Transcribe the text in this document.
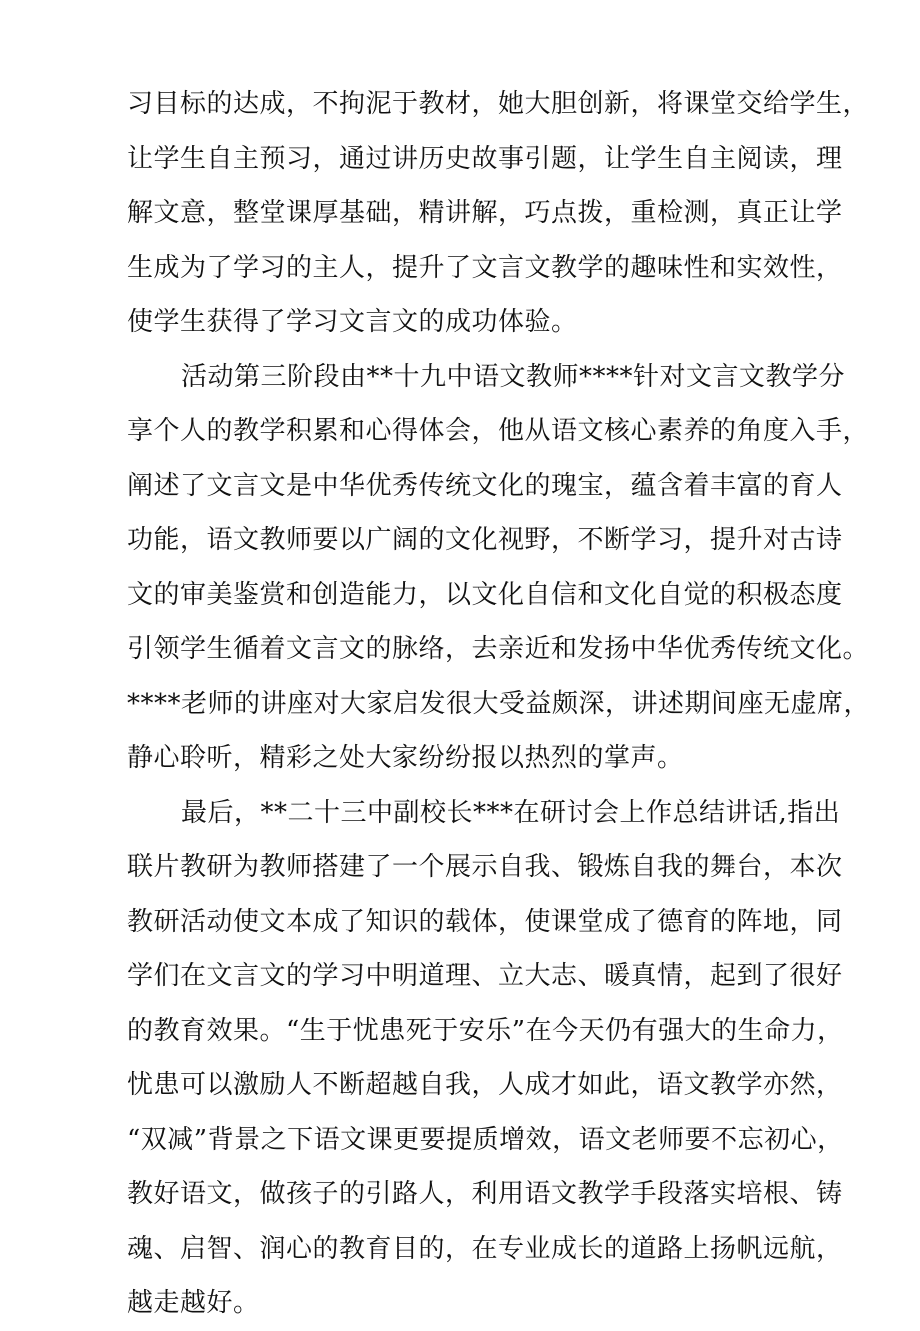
习目标的达成，不拘泥于教材，她大胆创新，将课堂交给学生，
让学生自主预习，通过讲历史故事引题，让学生自主阅读，理
解文意，整堂课厚基础，精讲解，巧点拨，重检测，真正让学
生成为了学习的主人，提升了文言文教学的趣味性和实效性，
使学生获得了学习文言文的成功体验。
活动第三阶段由**十九中语文教师****针对文言文教学分
享个人的教学积累和心得体会，他从语文核心素养的角度入手，
阐述了文言文是中华优秀传统文化的瑰宝，蕴含着丰富的育人
功能，语文教师要以广阔的文化视野，不断学习，提升对古诗
文的审美鉴赏和创造能力，以文化自信和文化自觉的积极态度
引领学生循着文言文的脉络，去亲近和发扬中华优秀传统文化。
****老师的讲座对大家启发很大受益颇深，讲述期间座无虚席，
静心聆听，精彩之处大家纷纷报以热烈的掌声。
最后，**二十三中副校长***在研讨会上作总结讲话,指出
联片教研为教师搭建了一个展示自我、锻炼自我的舞台，本次
教研活动使文本成了知识的载体，使课堂成了德育的阵地，同
学们在文言文的学习中明道理、立大志、暖真情，起到了很好
的教育效果。“生于忧患死于安乐”在今天仍有强大的生命力，
忧患可以激励人不断超越自我，人成才如此，语文教学亦然，
“双减”背景之下语文课更要提质增效，语文老师要不忘初心，
教好语文，做孩子的引路人，利用语文教学手段落实培根、铸
魂、启智、润心的教育目的，在专业成长的道路上扬帆远航，
越走越好。
